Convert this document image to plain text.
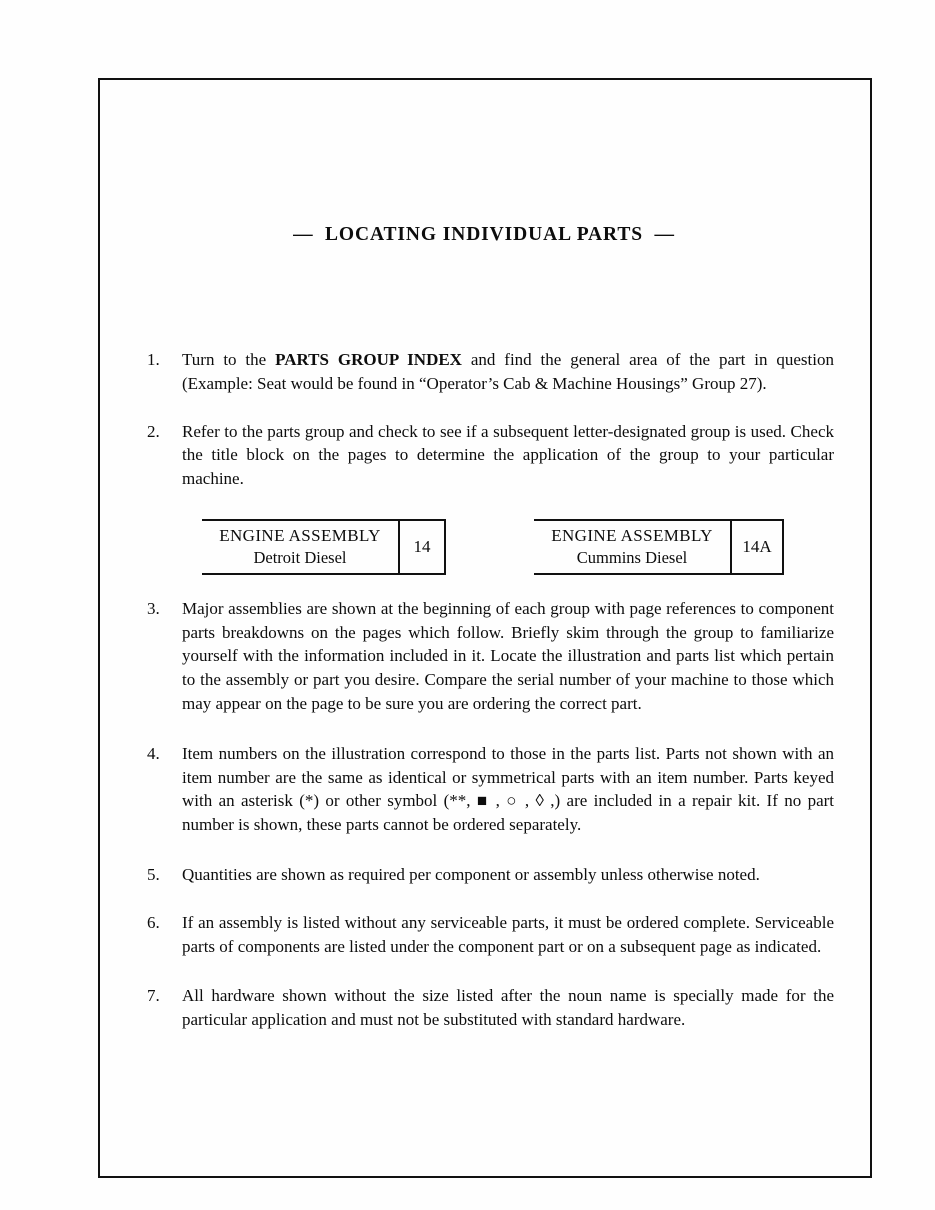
—  LOCATING INDIVIDUAL PARTS  —
1.	Turn to the PARTS GROUP INDEX and find the general area of the part in question (Example: Seat would be found in “Operator’s Cab & Machine Housings” Group 27).
2.	Refer to the parts group and check to see if a subsequent letter-designated group is used. Check the title block on the pages to determine the application of the group to your particular machine.
ENGINE ASSEMBLY
Detroit Diesel
14
ENGINE ASSEMBLY
Cummins Diesel
14A
3.	Major assemblies are shown at the beginning of each group with page references to component parts breakdowns on the pages which follow. Briefly skim through the group to familiarize yourself with the information included in it. Locate the illustration and parts list which pertain to the assembly or part you desire. Compare the serial number of your machine to those which may appear on the page to be sure you are ordering the correct part.
4.	Item numbers on the illustration correspond to those in the parts list. Parts not shown with an item number are the same as identical or symmetrical parts with an item number. Parts keyed with an asterisk (*) or other symbol (**, ■ , ○ , ◊ ,) are included in a repair kit. If no part number is shown, these parts cannot be ordered separately.
5.	Quantities are shown as required per component or assembly unless otherwise noted.
6.	If an assembly is listed without any serviceable parts, it must be ordered complete. Serviceable parts of components are listed under the component part or on a subsequent page as indicated.
7.	All hardware shown without the size listed after the noun name is specially made for the particular application and must not be substituted with standard hardware.
